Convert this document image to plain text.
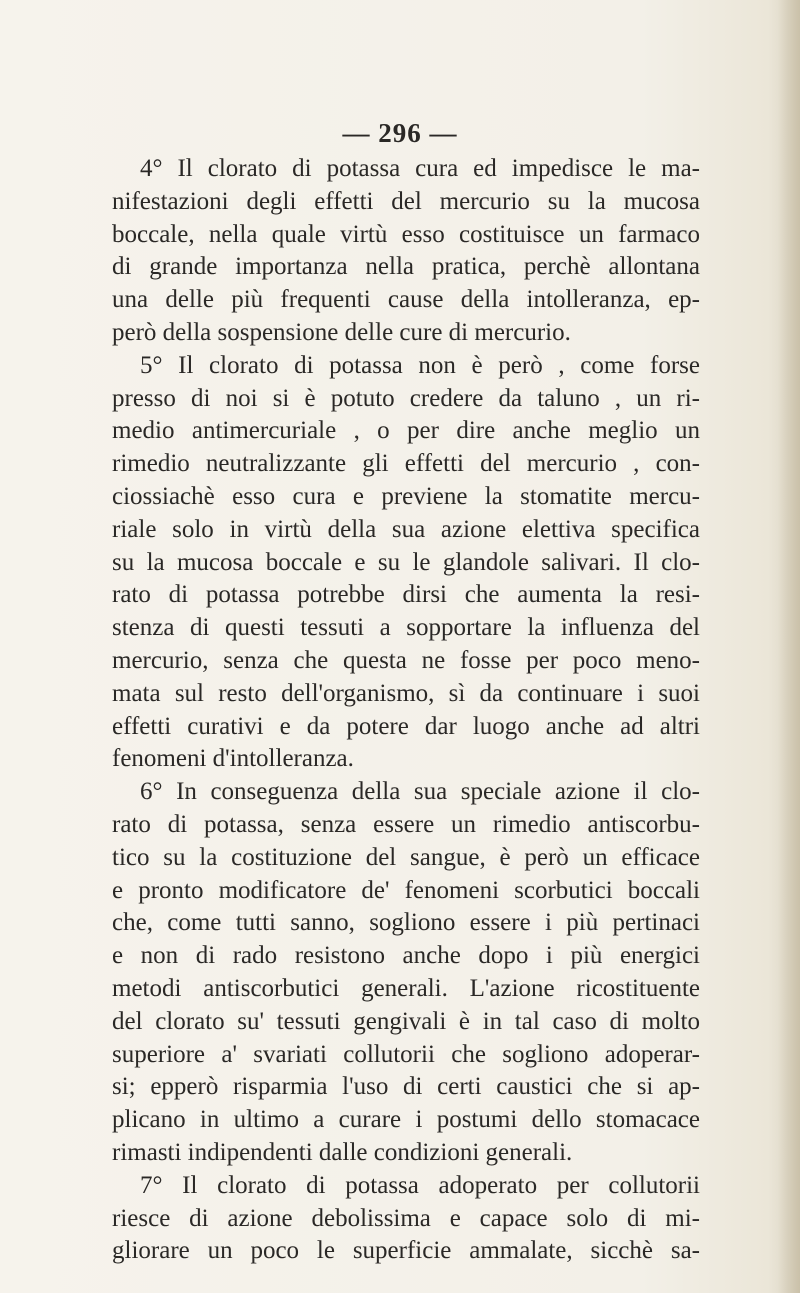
— 296 —
4° Il clorato di potassa cura ed impedisce le ma-
nifestazioni degli effetti del mercurio su la mucosa
boccale, nella quale virtù esso costituisce un farmaco
di grande importanza nella pratica, perchè allontana
una delle più frequenti cause della intolleranza, ep-
però della sospensione delle cure di mercurio.
5° Il clorato di potassa non è però , come forse
presso di noi si è potuto credere da taluno , un ri-
medio antimercuriale , o per dire anche meglio un
rimedio neutralizzante gli effetti del mercurio , con-
ciossiachè esso cura e previene la stomatite mercu-
riale solo in virtù della sua azione elettiva specifica
su la mucosa boccale e su le glandole salivari. Il clo-
rato di potassa potrebbe dirsi che aumenta la resi-
stenza di questi tessuti a sopportare la influenza del
mercurio, senza che questa ne fosse per poco meno-
mata sul resto dell'organismo, sì da continuare i suoi
effetti curativi e da potere dar luogo anche ad altri
fenomeni d'intolleranza.
6° In conseguenza della sua speciale azione il clo-
rato di potassa, senza essere un rimedio antiscorbu-
tico su la costituzione del sangue, è però un efficace
e pronto modificatore de' fenomeni scorbutici boccali
che, come tutti sanno, sogliono essere i più pertinaci
e non di rado resistono anche dopo i più energici
metodi antiscorbutici generali. L'azione ricostituente
del clorato su' tessuti gengivali è in tal caso di molto
superiore a' svariati collutorii che sogliono adoperar-
si; epperò risparmia l'uso di certi caustici che si ap-
plicano in ultimo a curare i postumi dello stomacace
rimasti indipendenti dalle condizioni generali.
7° Il clorato di potassa adoperato per collutorii
riesce di azione debolissima e capace solo di mi-
gliorare un poco le superficie ammalate, sicchè sa-
